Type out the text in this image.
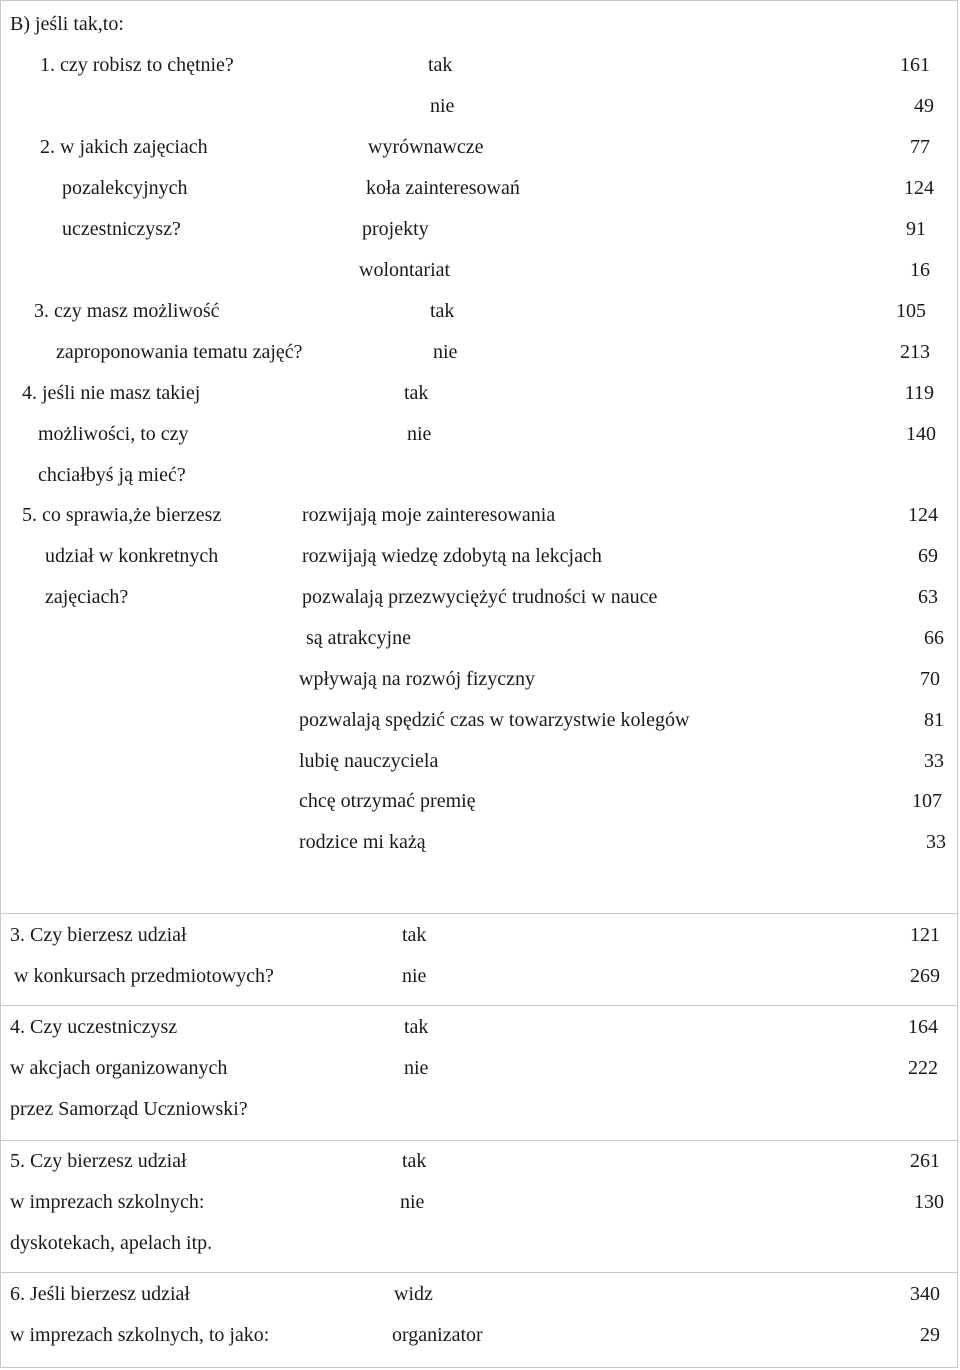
B) jeśli tak,to:
1. czy robisz to chętnie?	tak	161
nie	49
2. w jakich zajęciach
pozalekcyjnych
uczestniczysz?
wyrównawcze	77
koła zainteresowań	124
projekty	91
wolontariat	16
3. czy masz możliwość
zaproponowania tematu zajęć?
tak	105
nie	213
4. jeśli nie masz takiej
możliwości, to czy
chciałbyś ją mieć?
tak	119
nie	140
5. co sprawia,że bierzesz
udział w konkretnych
zajęciach?
rozwijają moje zainteresowania	124
rozwijają wiedzę zdobytą na lekcjach	69
pozwalają przezwyciężyć trudności w nauce	63
są atrakcyjne	66
wpływają na rozwój fizyczny	70
pozwalają spędzić czas w towarzystwie kolegów	81
lubię nauczyciela	33
chcę otrzymać premię	107
rodzice mi każą	33
3. Czy bierzesz udział
w konkursach przedmiotowych?
tak	121
nie	269
4. Czy uczestniczysz
w akcjach organizowanych
przez Samorząd Uczniowski?
tak	164
nie	222
5. Czy bierzesz udział
w imprezach szkolnych:
dyskotekach, apelach itp.
tak	261
nie	130
6. Jeśli bierzesz udział
w imprezach szkolnych, to jako:
widz	340
organizator	29
